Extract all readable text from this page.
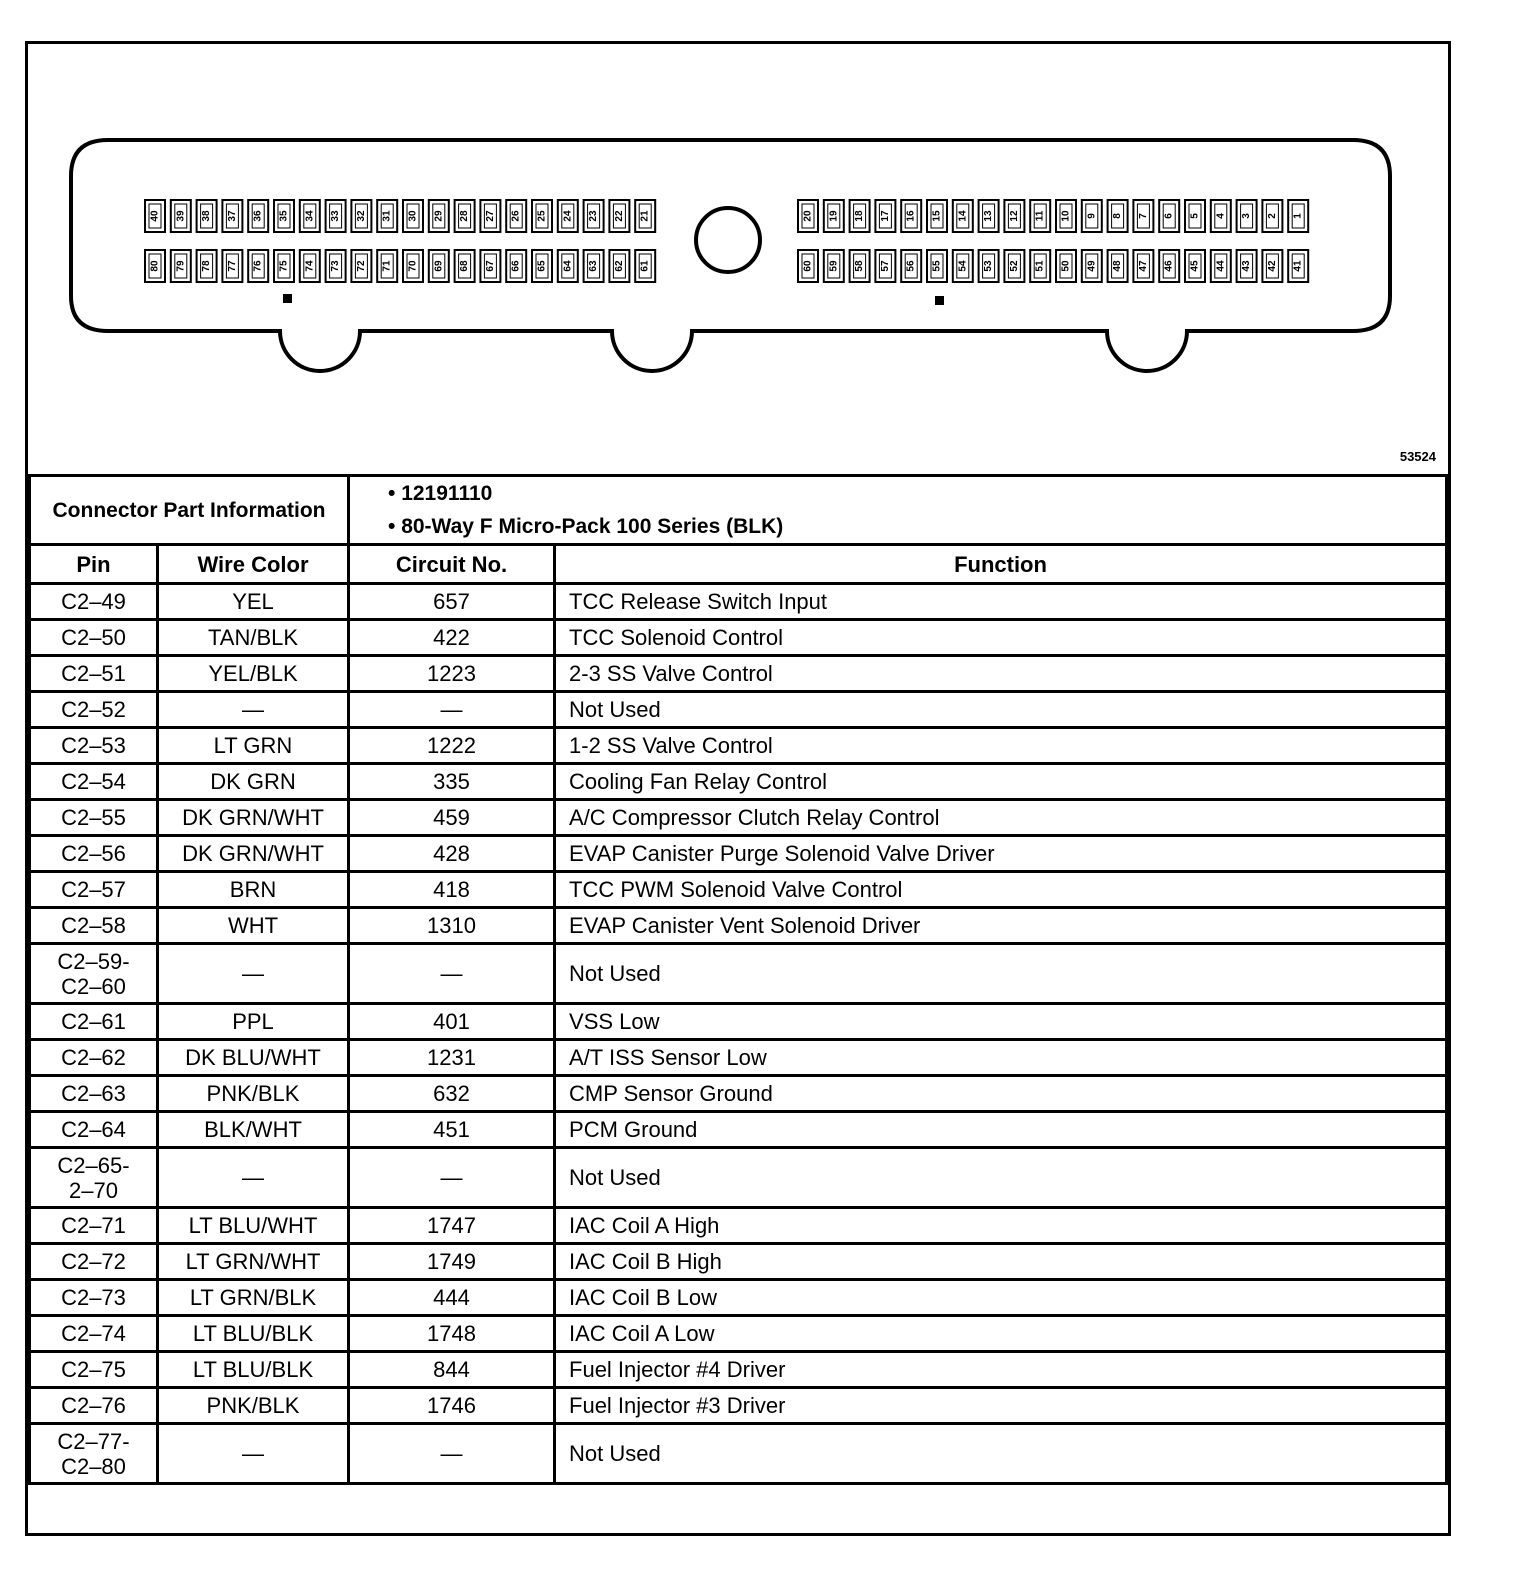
40 39 38 37 36 35 34 33 32 31 30 29 28 27 26 25 24 23 22 21
80 79 78 77 76 75 74 73 72 71 70 69 68 67 66 65 64 63 62 61
20 19 18 17 16 15 14 13 12 11 10 9 8 7 6 5 4 3 2 1
60 59 58 57 56 55 54 53 52 51 50 49 48 47 46 45 44 43 42 41
53524
Connector Part Information		• 12191110
• 80-Way F Micro-Pack 100 Series (BLK)	

Pin	Wire Color	Circuit No.	Function

C2–49	YEL	657	TCC Release Switch Input

C2–50	TAN/BLK	422	TCC Solenoid Control

C2–51	YEL/BLK	1223	2-3 SS Valve Control

C2–52	—	—	Not Used

C2–53	LT GRN	1222	1-2 SS Valve Control

C2–54	DK GRN	335	Cooling Fan Relay Control

C2–55	DK GRN/WHT	459	A/C Compressor Clutch Relay Control

C2–56	DK GRN/WHT	428	EVAP Canister Purge Solenoid Valve Driver

C2–57	BRN	418	TCC PWM Solenoid Valve Control

C2–58	WHT	1310	EVAP Canister Vent Solenoid Driver

C2–59-
C2–60	—	—	Not Used

C2–61	PPL	401	VSS Low

C2–62	DK BLU/WHT	1231	A/T ISS Sensor Low

C2–63	PNK/BLK	632	CMP Sensor Ground

C2–64	BLK/WHT	451	PCM Ground

C2–65-
2–70	—	—	Not Used

C2–71	LT BLU/WHT	1747	IAC Coil A High

C2–72	LT GRN/WHT	1749	IAC Coil B High

C2–73	LT GRN/BLK	444	IAC Coil B Low

C2–74	LT BLU/BLK	1748	IAC Coil A Low

C2–75	LT BLU/BLK	844	Fuel Injector #4 Driver

C2–76	PNK/BLK	1746	Fuel Injector #3 Driver

C2–77-
C2–80	—	—	Not Used
